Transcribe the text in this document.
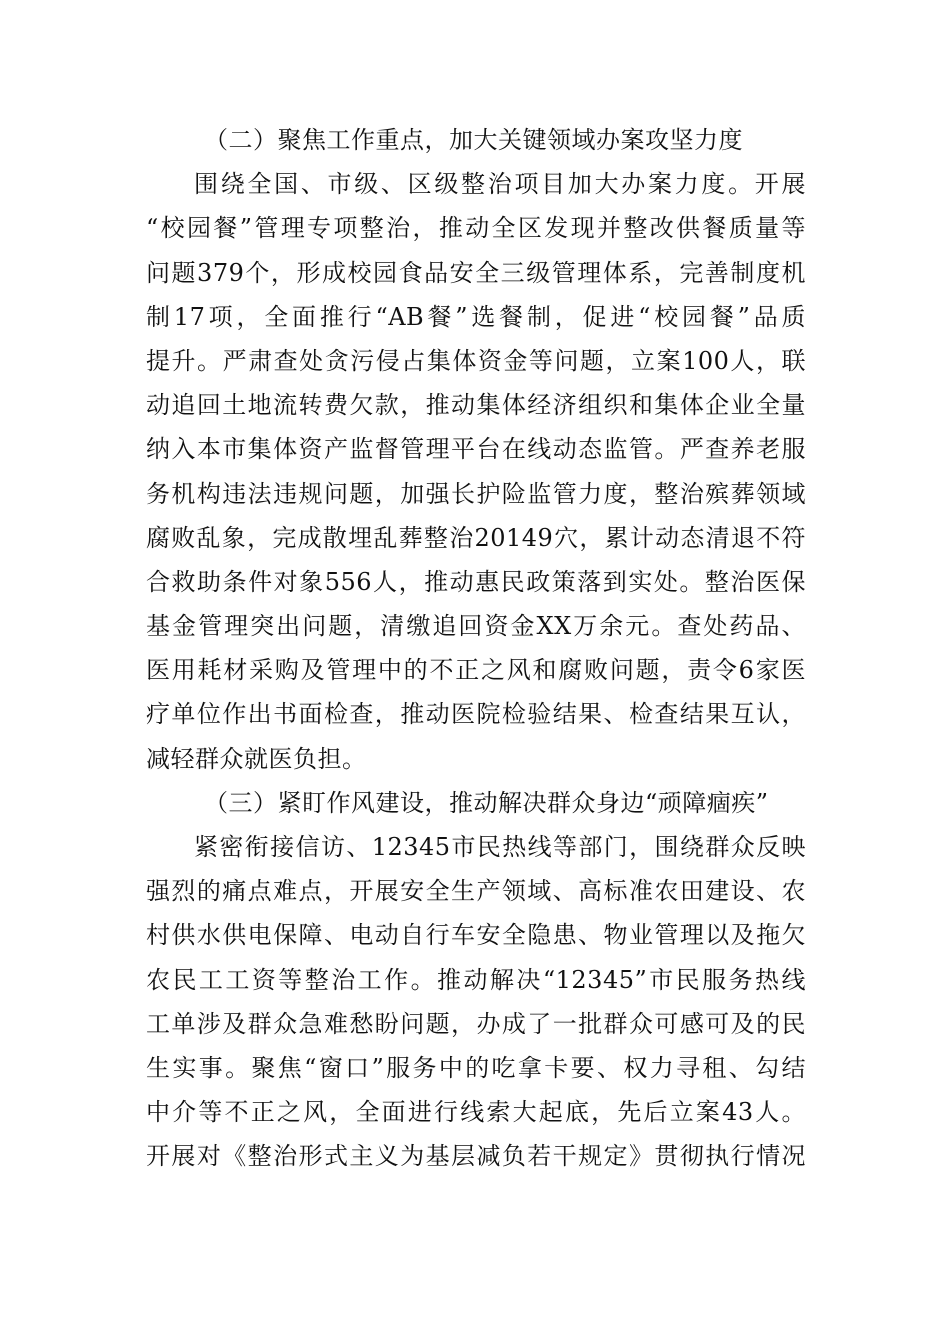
（二）聚焦工作重点，加大关键领域办案攻坚力度
围绕全国、市级、区级整治项目加大办案力度。开展
“校园餐”管理专项整治，推动全区发现并整改供餐质量等
问题379个，形成校园食品安全三级管理体系，完善制度机
制17项，全面推行“AB餐”选餐制，促进“校园餐”品质
提升。严肃查处贪污侵占集体资金等问题，立案100人，联
动追回土地流转费欠款，推动集体经济组织和集体企业全量
纳入本市集体资产监督管理平台在线动态监管。严查养老服
务机构违法违规问题，加强长护险监管力度，整治殡葬领域
腐败乱象，完成散埋乱葬整治20149穴，累计动态清退不符
合救助条件对象556人，推动惠民政策落到实处。整治医保
基金管理突出问题，清缴追回资金XX万余元。查处药品、
医用耗材采购及管理中的不正之风和腐败问题，责令6家医
疗单位作出书面检查，推动医院检验结果、检查结果互认，
减轻群众就医负担。
（三）紧盯作风建设，推动解决群众身边“顽障痼疾”
紧密衔接信访、12345市民热线等部门，围绕群众反映
强烈的痛点难点，开展安全生产领域、高标准农田建设、农
村供水供电保障、电动自行车安全隐患、物业管理以及拖欠
农民工工资等整治工作。推动解决“12345”市民服务热线
工单涉及群众急难愁盼问题，办成了一批群众可感可及的民
生实事。聚焦“窗口”服务中的吃拿卡要、权力寻租、勾结
中介等不正之风，全面进行线索大起底，先后立案43人。
开展对《整治形式主义为基层减负若干规定》贯彻执行情况
